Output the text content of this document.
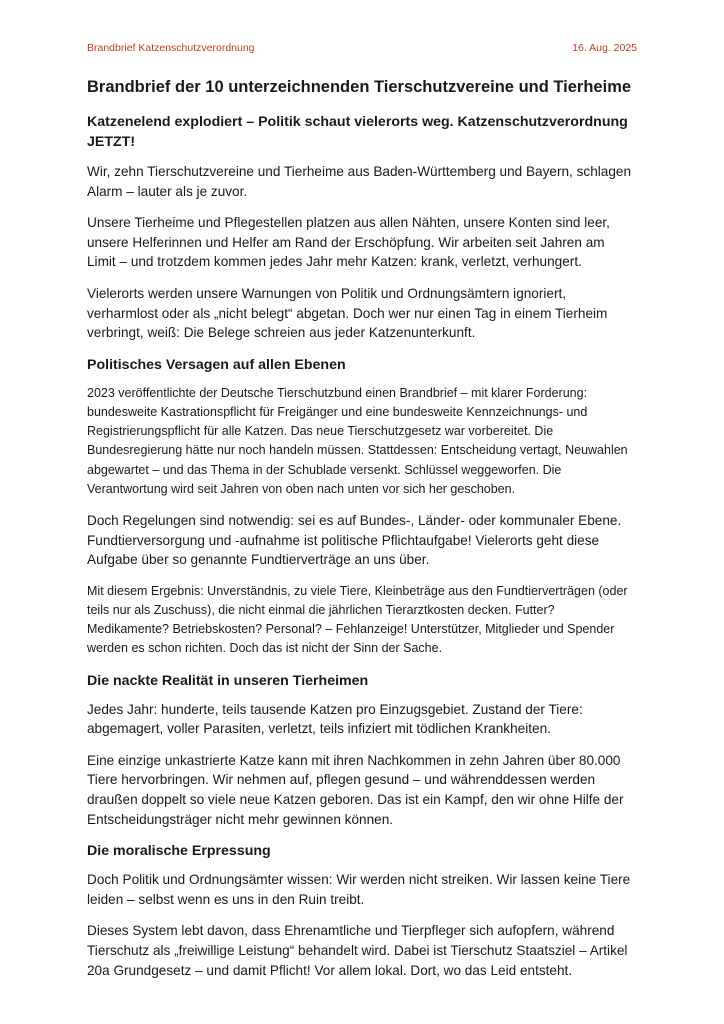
Brandbrief Katzenschutzverordnung	16. Aug. 2025
Brandbrief der 10 unterzeichnenden Tierschutzvereine und Tierheime
Katzenelend explodiert – Politik schaut vielerorts weg. Katzenschutzverordnung JETZT!

Wir, zehn Tierschutzvereine und Tierheime aus Baden-Württemberg und Bayern, schlagen Alarm – lauter als je zuvor.

Unsere Tierheime und Pflegestellen platzen aus allen Nähten, unsere Konten sind leer, unsere Helferinnen und Helfer am Rand der Erschöpfung. Wir arbeiten seit Jahren am Limit – und trotzdem kommen jedes Jahr mehr Katzen: krank, verletzt, verhungert.

Vielerorts werden unsere Warnungen von Politik und Ordnungsämtern ignoriert, verharmlost oder als „nicht belegt“ abgetan. Doch wer nur einen Tag in einem Tierheim verbringt, weiß: Die Belege schreien aus jeder Katzenunterkunft.

Politisches Versagen auf allen Ebenen

2023 veröffentlichte der Deutsche Tierschutzbund einen Brandbrief – mit klarer Forderung: bundesweite Kastrationspflicht für Freigänger und eine bundesweite Kennzeichnungs- und Registrierungspflicht für alle Katzen. Das neue Tierschutzgesetz war vorbereitet. Die Bundesregierung hätte nur noch handeln müssen. Stattdessen: Entscheidung vertagt, Neuwahlen abgewartet – und das Thema in der Schublade versenkt. Schlüssel weggeworfen. Die Verantwortung wird seit Jahren von oben nach unten vor sich her geschoben.

Doch Regelungen sind notwendig: sei es auf Bundes-, Länder- oder kommunaler Ebene. Fundtierversorgung und -aufnahme ist politische Pflichtaufgabe! Vielerorts geht diese Aufgabe über so genannte Fundtierverträge an uns über.

Mit diesem Ergebnis: Unverständnis, zu viele Tiere, Kleinbeträge aus den Fundtierverträgen (oder teils nur als Zuschuss), die nicht einmal die jährlichen Tierarztkosten decken. Futter? Medikamente? Betriebskosten? Personal? – Fehlanzeige! Unterstützer, Mitglieder und Spender werden es schon richten. Doch das ist nicht der Sinn der Sache.

Die nackte Realität in unseren Tierheimen

Jedes Jahr: hunderte, teils tausende Katzen pro Einzugsgebiet. Zustand der Tiere: abgemagert, voller Parasiten, verletzt, teils infiziert mit tödlichen Krankheiten.

Eine einzige unkastrierte Katze kann mit ihren Nachkommen in zehn Jahren über 80.000 Tiere hervorbringen. Wir nehmen auf, pflegen gesund – und währenddessen werden draußen doppelt so viele neue Katzen geboren. Das ist ein Kampf, den wir ohne Hilfe der Entscheidungsträger nicht mehr gewinnen können.

Die moralische Erpressung

Doch Politik und Ordnungsämter wissen: Wir werden nicht streiken. Wir lassen keine Tiere leiden – selbst wenn es uns in den Ruin treibt.

Dieses System lebt davon, dass Ehrenamtliche und Tierpfleger sich aufopfern, während Tierschutz als „freiwillige Leistung“ behandelt wird. Dabei ist Tierschutz Staatsziel – Artikel 20a Grundgesetz – und damit Pflicht! Vor allem lokal. Dort, wo das Leid entsteht.
